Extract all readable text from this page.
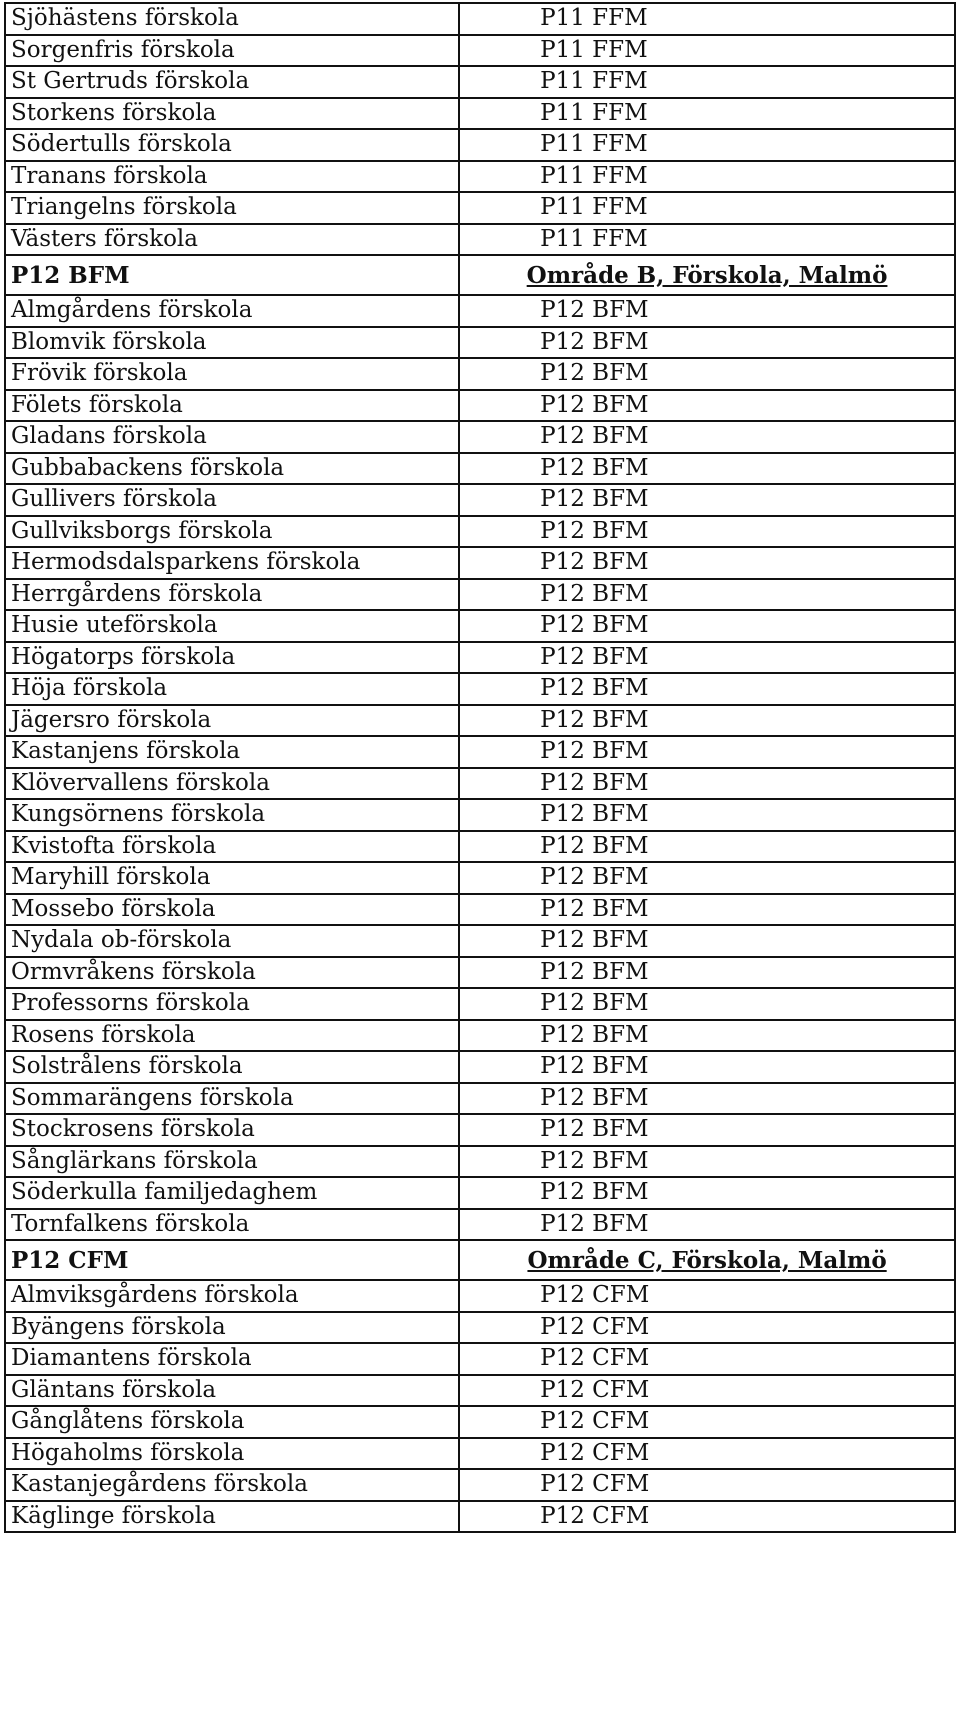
Sjöhästens förskola	P11 FFM
Sorgenfris förskola	P11 FFM
St Gertruds förskola	P11 FFM
Storkens förskola	P11 FFM
Södertulls förskola	P11 FFM
Tranans förskola	P11 FFM
Triangelns förskola	P11 FFM
Västers förskola	P11 FFM
P12 BFM	Område B, Förskola, Malmö
Almgårdens förskola	P12 BFM
Blomvik förskola	P12 BFM
Frövik förskola	P12 BFM
Fölets förskola	P12 BFM
Gladans förskola	P12 BFM
Gubbabackens förskola	P12 BFM
Gullivers förskola	P12 BFM
Gullviksborgs förskola	P12 BFM
Hermodsdalsparkens förskola	P12 BFM
Herrgårdens förskola	P12 BFM
Husie uteförskola	P12 BFM
Högatorps förskola	P12 BFM
Höja förskola	P12 BFM
Jägersro förskola	P12 BFM
Kastanjens förskola	P12 BFM
Klövervallens förskola	P12 BFM
Kungsörnens förskola	P12 BFM
Kvistofta förskola	P12 BFM
Maryhill förskola	P12 BFM
Mossebo förskola	P12 BFM
Nydala ob-förskola	P12 BFM
Ormvråkens förskola	P12 BFM
Professorns förskola	P12 BFM
Rosens förskola	P12 BFM
Solstrålens förskola	P12 BFM
Sommarängens förskola	P12 BFM
Stockrosens förskola	P12 BFM
Sånglärkans förskola	P12 BFM
Söderkulla familjedaghem	P12 BFM
Tornfalkens förskola	P12 BFM
P12 CFM	Område C, Förskola, Malmö
Almviksgårdens förskola	P12 CFM
Byängens förskola	P12 CFM
Diamantens förskola	P12 CFM
Gläntans förskola	P12 CFM
Gånglåtens förskola	P12 CFM
Högaholms förskola	P12 CFM
Kastanjegårdens förskola	P12 CFM
Käglinge förskola	P12 CFM
